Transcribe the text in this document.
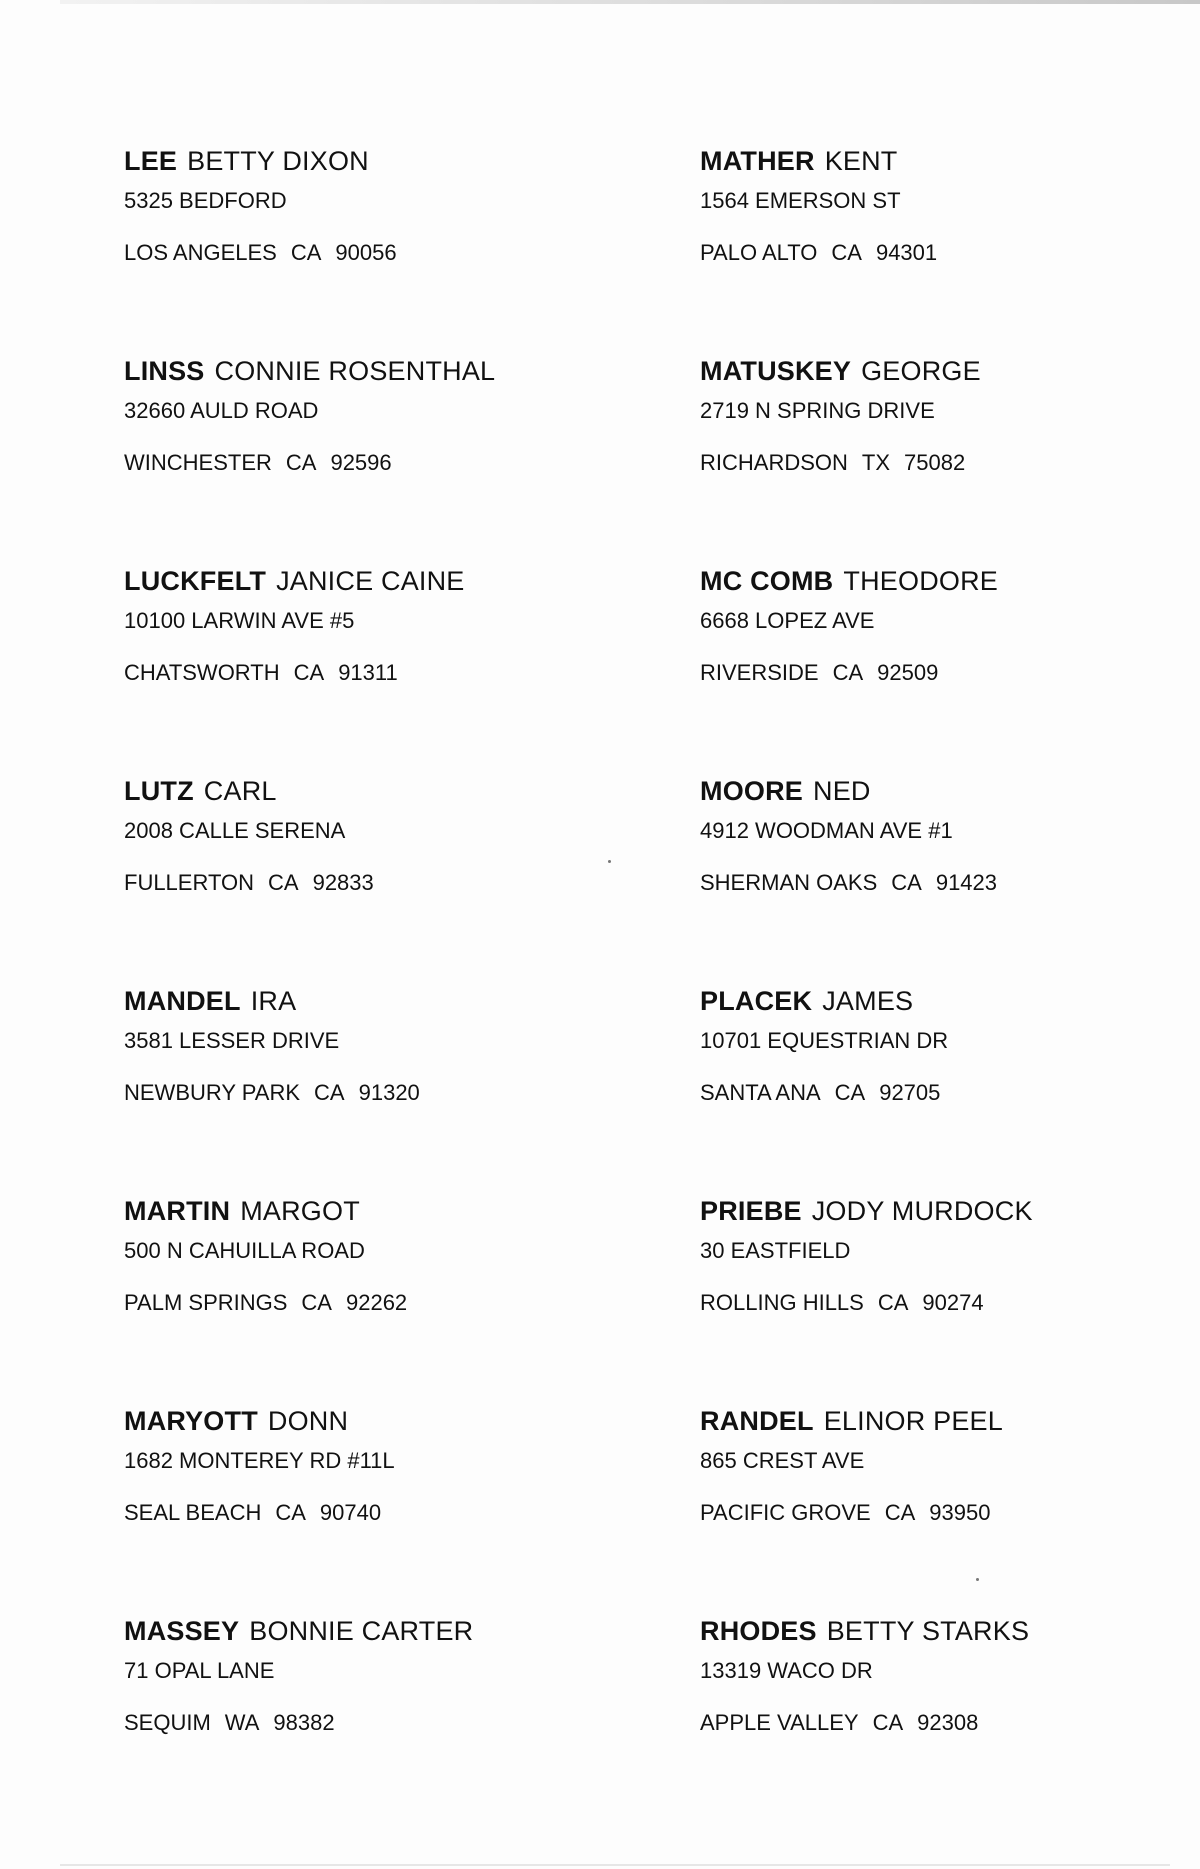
LEE BETTY DIXON
5325 BEDFORD
LOS ANGELES CA 90056
LINSS CONNIE ROSENTHAL
32660 AULD ROAD
WINCHESTER CA 92596
LUCKFELT JANICE CAINE
10100 LARWIN AVE #5
CHATSWORTH CA 91311
LUTZ CARL
2008 CALLE SERENA
FULLERTON CA 92833
MANDEL IRA
3581 LESSER DRIVE
NEWBURY PARK CA 91320
MARTIN MARGOT
500 N CAHUILLA ROAD
PALM SPRINGS CA 92262
MARYOTT DONN
1682 MONTEREY RD #11L
SEAL BEACH CA 90740
MASSEY BONNIE CARTER
71 OPAL LANE
SEQUIM WA 98382
MATHER KENT
1564 EMERSON ST
PALO ALTO CA 94301
MATUSKEY GEORGE
2719 N SPRING DRIVE
RICHARDSON TX 75082
MC COMB THEODORE
6668 LOPEZ AVE
RIVERSIDE CA 92509
MOORE NED
4912 WOODMAN AVE #1
SHERMAN OAKS CA 91423
PLACEK JAMES
10701 EQUESTRIAN DR
SANTA ANA CA 92705
PRIEBE JODY MURDOCK
30 EASTFIELD
ROLLING HILLS CA 90274
RANDEL ELINOR PEEL
865 CREST AVE
PACIFIC GROVE CA 93950
RHODES BETTY STARKS
13319 WACO DR
APPLE VALLEY CA 92308
